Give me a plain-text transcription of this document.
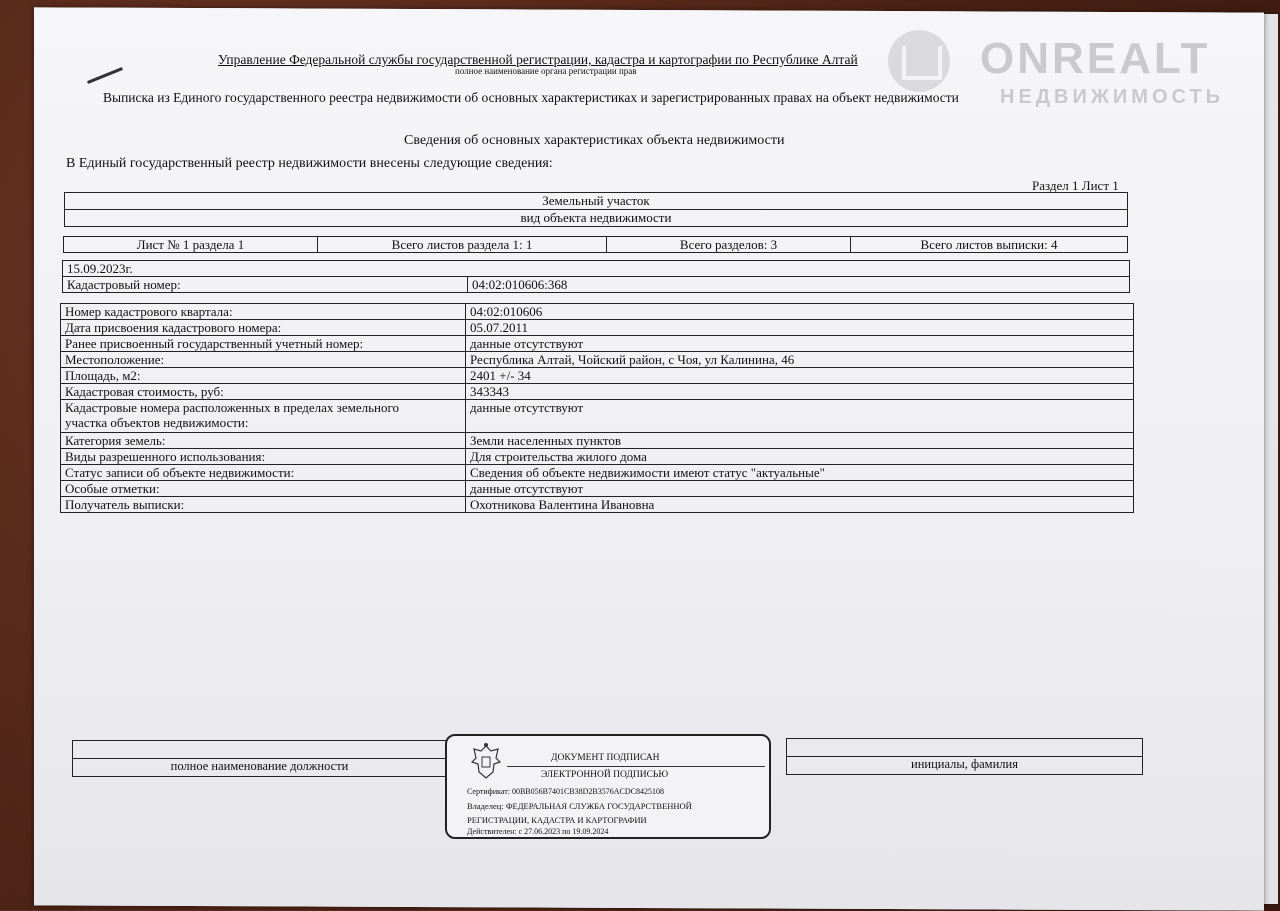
ONREALT
НЕДВИЖИМОСТЬ
Управление Федеральной службы государственной регистрации, кадастра и картографии по Республике Алтай
полное наименование органа регистрации прав
Выписка из Единого государственного реестра недвижимости об основных характеристиках и зарегистрированных правах на объект недвижимости
Сведения об основных характеристиках объекта недвижимости
В Единый государственный реестр недвижимости внесены следующие сведения:
Раздел 1 Лист 1
Земельный участок
вид объекта недвижимости
Лист № 1 раздела 1	Всего листов раздела 1: 1	Всего разделов: 3	Всего листов выписки: 4
15.09.2023г.
Кадастровый номер:	04:02:010606:368
Номер кадастрового квартала:	04:02:010606
Дата присвоения кадастрового номера:	05.07.2011
Ранее присвоенный государственный учетный номер:	данные отсутствуют
Местоположение:	Республика Алтай, Чойский район, с Чоя, ул Калинина, 46
Площадь, м2:	2401 +/- 34
Кадастровая стоимость, руб:	343343
Кадастровые номера расположенных в пределах земельного
участка объектов недвижимости:	данные отсутствуют
Категория земель:	Земли населенных пунктов
Виды разрешенного использования:	Для строительства жилого дома
Статус записи об объекте недвижимости:	Сведения об объекте недвижимости имеют статус "актуальные"
Особые отметки:	данные отсутствуют
Получатель выписки:	Охотникова Валентина Ивановна

полное наименование должности	инициалы, фамилия
ДОКУМЕНТ ПОДПИСАН
ЭЛЕКТРОННОЙ ПОДПИСЬЮ
Сертификат: 00BB056B7401CB38D2B3576ACDC8425108
Владелец: ФЕДЕРАЛЬНАЯ СЛУЖБА ГОСУДАРСТВЕННОЙ
РЕГИСТРАЦИИ, КАДАСТРА И КАРТОГРАФИИ
Действителен: с 27.06.2023 по 19.09.2024
